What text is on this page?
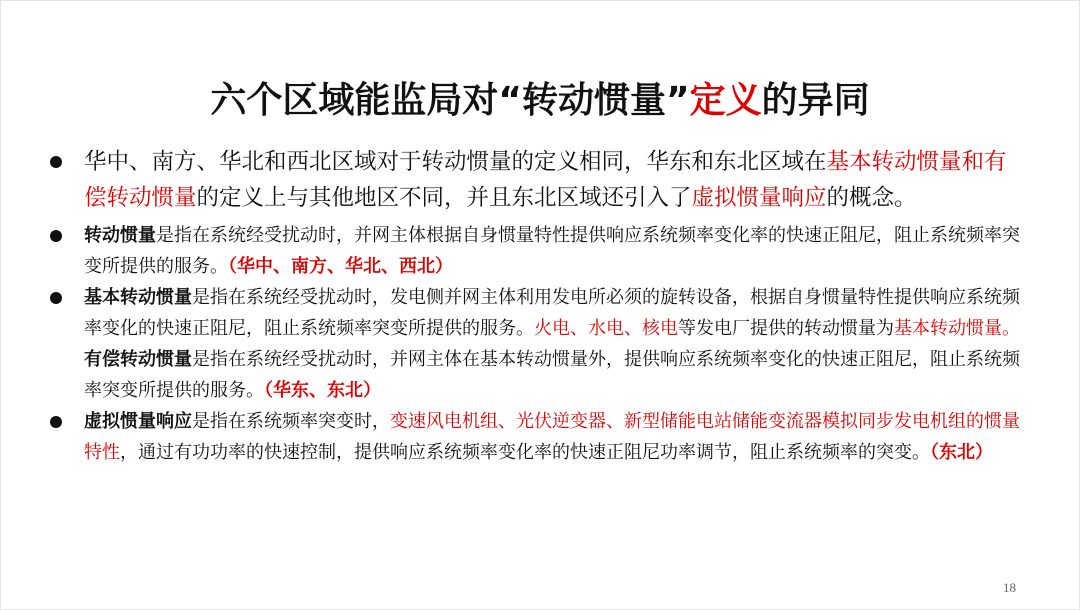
六个区域能监局对“转动惯量”定义的异同

华中、南方、华北和西北区域对于转动惯量的定义相同，华东和东北区域在基本转动惯量和有偿转动惯量的定义上与其他地区不同，并且东北区域还引入了虚拟惯量响应的概念。

转动惯量是指在系统经受扰动时，并网主体根据自身惯量特性提供响应系统频率变化率的快速正阻尼，阻止系统频率突变所提供的服务。（华中、南方、华北、西北）

基本转动惯量是指在系统经受扰动时，发电侧并网主体利用发电所必须的旋转设备，根据自身惯量特性提供响应系统频率变化的快速正阻尼，阻止系统频率突变所提供的服务。火电、水电、核电等发电厂提供的转动惯量为基本转动惯量。有偿转动惯量是指在系统经受扰动时，并网主体在基本转动惯量外，提供响应系统频率变化的快速正阻尼，阻止系统频率突变所提供的服务。（华东、东北）

虚拟惯量响应是指在系统频率突变时，变速风电机组、光伏逆变器、新型储能电站储能变流器模拟同步发电机组的惯量特性，通过有功功率的快速控制，提供响应系统频率变化率的快速正阻尼功率调节，阻止系统频率的突变。（东北）

18
